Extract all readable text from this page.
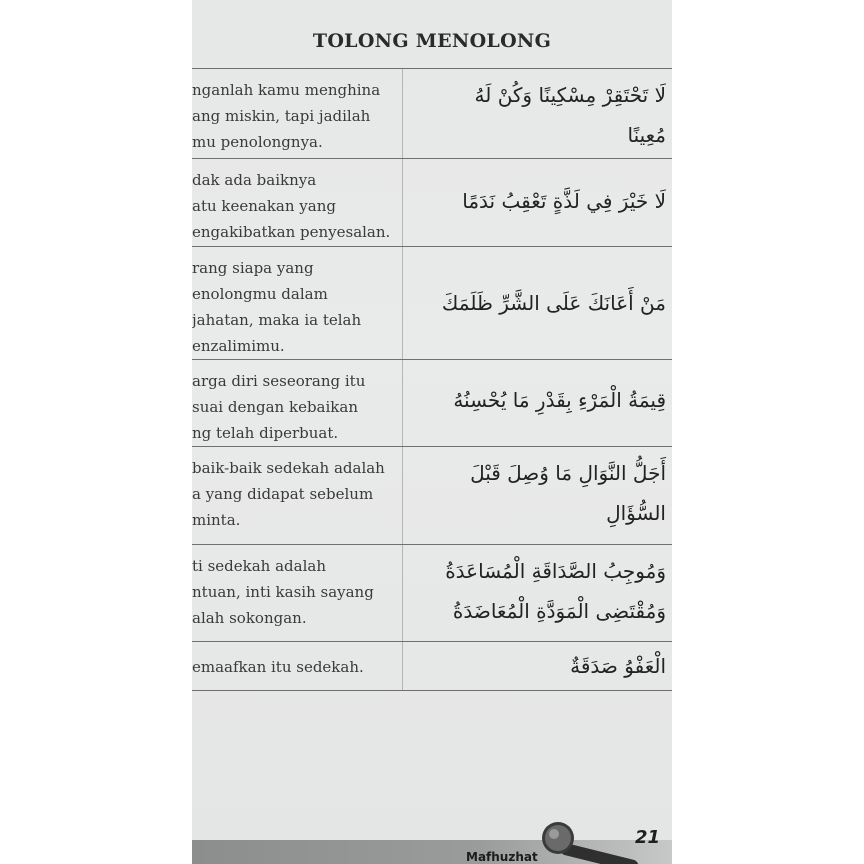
TOLONG MENOLONG
nganlah kamu menghina
ang miskin, tapi jadilah
mu penolongnya.
لَا تَحْتَقِرْ مِسْكِينًا وَكُنْ لَهُ
مُعِينًا
dak ada baiknya
atu keenakan yang
engakibatkan penyesalan.
لَا خَيْرَ فِي لَذَّةٍ تَعْقِبُ نَدَمًا
rang siapa yang
enolongmu dalam
jahatan, maka ia telah
enzalimimu.
مَنْ أَعَانَكَ عَلَى الشَّرِّ ظَلَمَكَ
arga diri seseorang itu
suai dengan kebaikan
ng telah diperbuat.
قِيمَةُ الْمَرْءِ بِقَدْرِ مَا يُحْسِنُهُ
baik-baik sedekah adalah
a yang didapat sebelum
minta.
أَجَلُّ النَّوَالِ مَا وُصِلَ قَبْلَ
السُّؤَالِ
ti sedekah adalah
ntuan, inti kasih sayang
alah sokongan.
وَمُوجِبُ الصَّدَاقَةِ الْمُسَاعَدَةُ
وَمُقْتَضِى الْمَوَدَّةِ الْمُعَاضَدَةُ
emaafkan itu sedekah.	الْعَفْوُ صَدَقَةٌ
Mafhuzhat
21
